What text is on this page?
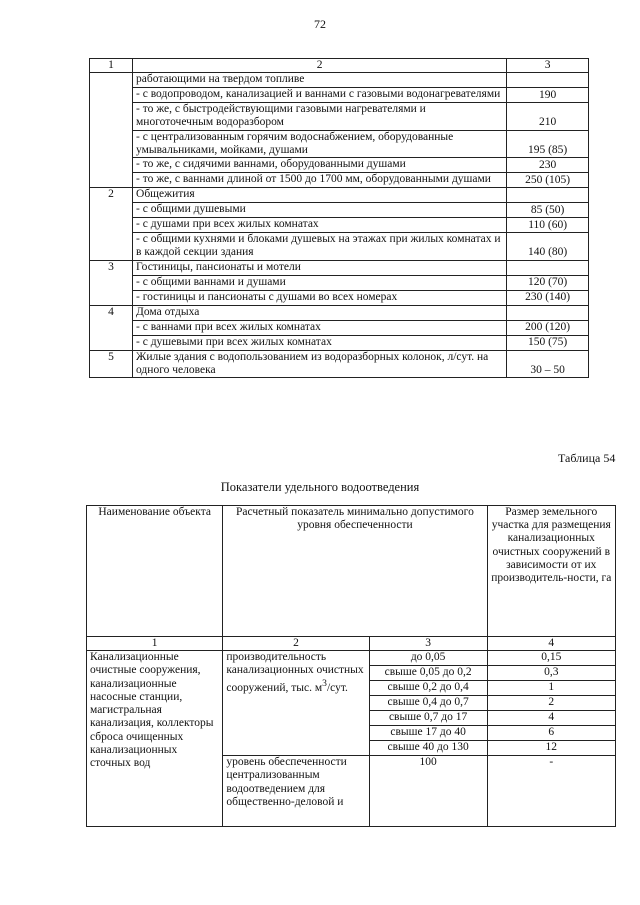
72
1	2	3
	работающими на твердом топливе	
	- с водопроводом, канализацией и ваннами с газовыми водонагревателями	190
	- то же, с быстродействующими газовыми нагревателями и многоточечным водоразбором	210
	- с централизованным горячим водоснабжением, оборудованные умывальниками, мойками, душами	195 (85)
	- то же, с сидячими ваннами, оборудованными душами	230
	- то же, с ваннами длиной от 1500 до 1700 мм, оборудованными душами	250 (105)
2	Общежития	
	- с общими душевыми	85 (50)
	- с душами при всех жилых комнатах	110 (60)
	- с общими кухнями и блоками душевых на этажах при жилых комнатах и в каждой секции здания	140 (80)
3	Гостиницы, пансионаты и мотели	
	- с общими ваннами и душами	120 (70)
	- гостиницы и пансионаты с душами во всех номерах	230 (140)
4	Дома отдыха	
	- с ваннами при всех жилых комнатах	200 (120)
	- с душевыми при всех жилых комнатах	150 (75)
5	Жилые здания с водопользованием из водоразборных колонок, л/сут. на одного человека	30 – 50
Таблица 54
Показатели удельного водоотведения
Наименование объекта	Расчетный показатель минимально допустимого уровня обеспеченности		Размер земельного участка для размещения канализационных очистных сооружений в зависимости от их производитель-ности, га
1	2	3	4
Канализационные очистные сооружения, канализационные насосные станции, магистральная канализация, коллекторы сброса очищенных канализационных сточных вод	производительность канализационных очистных сооружений, тыс. $м^3$/сут.	до 0,05	0,15
		свыше 0,05 до 0,2	0,3
		свыше 0,2 до 0,4	1
		свыше 0,4 до 0,7	2
		свыше 0,7 до 17	4
		свыше 17 до 40	6
		свыше 40 до 130	12
	уровень обеспеченности централизованным водоотведением для общественно-деловой и	100	-
